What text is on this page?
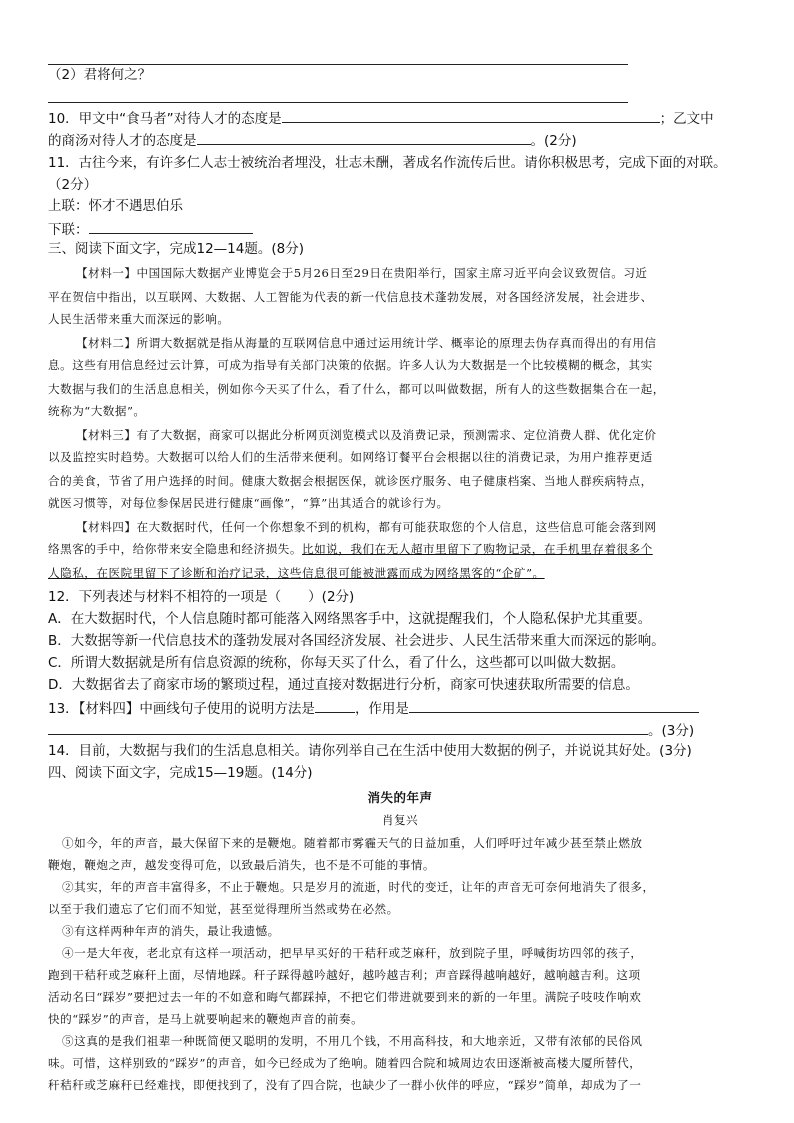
（2）君将何之？
10．甲文中“食马者”对待人才的态度是	；乙文中
的商汤对待人才的态度是	。(2分)
11．古往今来，有许多仁人志士被统治者埋没，壮志未酬，著成名作流传后世。请你积极思考，完成下面的对联。
（2分）
上联：怀才不遇思伯乐
下联：
三、阅读下面文字，完成12—14题。(8分)
【材料一】中国国际大数据产业博览会于5月26日至29日在贵阳举行，国家主席习近平向会议致贺信。习近
平在贺信中指出，以互联网、大数据、人工智能为代表的新一代信息技术蓬勃发展，对各国经济发展，社会进步、
人民生活带来重大而深远的影响。
【材料二】所谓大数据就是指从海量的互联网信息中通过运用统计学、概率论的原理去伪存真而得出的有用信
息。这些有用信息经过云计算，可成为指导有关部门决策的依据。许多人认为大数据是一个比较模糊的概念，其实
大数据与我们的生活息息相关，例如你今天买了什么，看了什么，都可以叫做数据，所有人的这些数据集合在一起，
统称为“大数据”。
【材料三】有了大数据，商家可以据此分析网页浏览模式以及消费记录，预测需求、定位消费人群、优化定价
以及监控实时趋势。大数据可以给人们的生活带来便利。如网络订餐平台会根据以往的消费记录，为用户推荐更适
合的美食，节省了用户选择的时间。健康大数据会根据医保，就诊医疗服务、电子健康档案、当地人群疾病特点，
就医习惯等，对每位参保居民进行健康“画像”，“算”出其适合的就诊行为。
【材料四】在大数据时代，任何一个你想象不到的机构，都有可能获取您的个人信息，这些信息可能会落到网
络黑客的手中，给你带来安全隐患和经济损失。比如说，我们在无人超市里留下了购物记录，在手机里存着很多个
人隐私，在医院里留下了诊断和治疗记录，这些信息很可能被泄露而成为网络黑客的“企矿”。
12．下列表述与材料不相符的一项是（　　）(2分)
A．在大数据时代，个人信息随时都可能落入网络黑客手中，这就提醒我们，个人隐私保护尤其重要。
B．大数据等新一代信息技术的蓬勃发展对各国经济发展、社会进步、人民生活带来重大而深远的影响。
C．所谓大数据就是所有信息资源的统称，你每天买了什么，看了什么，这些都可以叫做大数据。
D．大数据省去了商家市场的繁琐过程，通过直接对数据进行分析，商家可快速获取所需要的信息。
13．【材料四】中画线句子使用的说明方法是	，作用是
。(3分)
14．目前，大数据与我们的生活息息相关。请你列举自己在生活中使用大数据的例子，并说说其好处。(3分)
四、阅读下面文字，完成15—19题。(14分)
消失的年声
肖复兴
①如今，年的声音，最大保留下来的是鞭炮。随着都市雾霾天气的日益加重，人们呼吁过年减少甚至禁止燃放
鞭炮，鞭炮之声，越发变得可危，以致最后消失，也不是不可能的事情。
②其实，年的声音丰富得多，不止于鞭炮。只是岁月的流逝，时代的变迁，让年的声音无可奈何地消失了很多，
以至于我们遗忘了它们而不知觉，甚至觉得理所当然或势在必然。
③有这样两种年声的消失，最让我遗憾。
④一是大年夜，老北京有这样一项活动，把早早买好的干秸秆或芝麻秆，放到院子里，呼喊街坊四邻的孩子，
跑到干秸秆或芝麻秆上面，尽情地踩。秆子踩得越吟越好，越吟越吉利；声音踩得越响越好，越响越吉利。这项
活动名曰“踩岁”要把过去一年的不如意和晦气都踩掉，不把它们带进就要到来的新的一年里。满院子吱吱作响欢
快的“踩岁”的声音，是马上就要响起来的鞭炮声音的前奏。
⑤这真的是我们祖辈一种既简便又聪明的发明，不用几个钱，不用高科技，和大地亲近，又带有浓郁的民俗风
味。可惜，这样别致的“踩岁”的声音，如今已经成为了绝响。随着四合院和城周边农田逐渐被高楼大厦所替代，
秆秸秆或芝麻秆已经难找，即便找到了，没有了四合院，也缺少了一群小伙伴的呼应，“踩岁”简单，却成为了一
